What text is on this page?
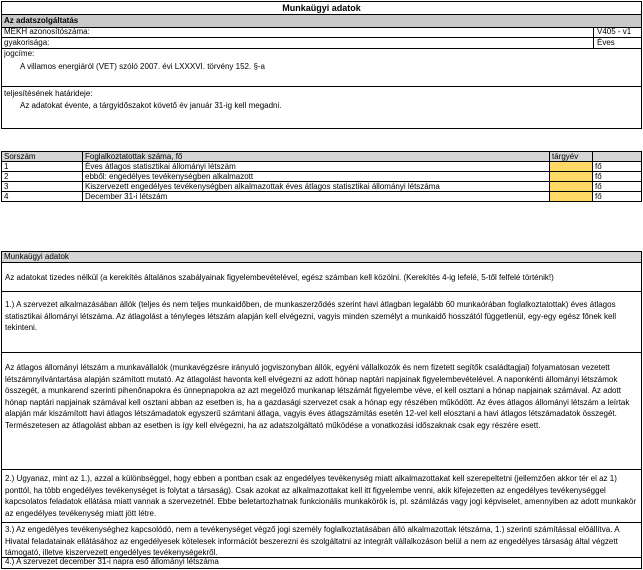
Munkaügyi adatok
Az adatszolgáltatás
MEKH azonosítószáma:	V405 - v1
gyakorisága:	Éves
jogcíme:
A villamos energiáról (VET) szóló 2007. évi LXXXVI. törvény 152. §-a
teljesítésének határideje:
Az adatokat évente, a tárgyidőszakot követő év január 31-ig kell megadni.
Sorszám	Foglalkoztatottak száma, fő	tárgyév
1	Éves átlagos statisztikai állományi létszám	fő
2	ebből: engedélyes tevékenységben alkalmazott	fő
3	Kiszervezett engedélyes tevékenységben alkalmazottak éves átlagos statisztikai állományi létszáma	fő
4	December 31-i létszám	fő
Munkaügyi adatok
Az adatokat tizedes nélkül (a kerekítés általános szabályainak figyelembevételével, egész számban kell közölni. (Kerekítés 4-ig lefelé, 5-től felfelé történik!)
1.) A szervezet alkalmazásában állók (teljes és nem teljes munkaidőben, de munkaszerződés szerint havi átlagban legalább 60 munkaórában foglalkoztatottak) éves átlagos statisztikai állományi létszáma. Az átlagolást a tényleges létszám alapján kell elvégezni, vagyis minden személyt a munkaidő hosszától függetlenül, egy-egy egész főnek kell tekinteni.
Az átlagos állományi létszám a munkavállalók (munkavégzésre irányuló jogviszonyban állók, egyéni vállalkozók és nem fizetett segítők családtagjai) folyamatosan vezetett létszámnyilvántartása alapján számított mutató. Az átlagolást havonta kell elvégezni az adott hónap naptári napjainak figyelembevételével. A naponkénti állományi létszámok összegét, a munkarend szerinti pihenőnapokra és ünnepnapokra az azt megelőző munkanap létszámát figyelembe véve, el kell osztani a hónap napjainak számával. Az adott hónap naptári napjainak számával kell osztani abban az esetben is, ha a gazdasági szervezet csak a hónap egy részében működött. Az éves átlagos állományi létszám a leírtak alapján már kiszámított havi átlagos létszámadatok egyszerű számtani átlaga, vagyis éves átlagszámítás esetén 12-vel kell elosztani a havi átlagos létszámadatok összegét. Természetesen az átlagolást abban az esetben is így kell elvégezni, ha az adatszolgáltató működése a vonatkozási időszaknak csak egy részére esett.
2.) Ugyanaz, mint az 1.), azzal a különbséggel, hogy ebben a pontban csak az engedélyes tevékenység miatt alkalmazottakat kell szerepeltetni (jellemzően akkor tér el az 1) ponttól, ha több engedélyes tevékenységet is folytat a társaság). Csak azokat az alkalmazottakat kell itt figyelembe venni, akik kifejezetten az engedélyes tevékenységgel kapcsolatos feladatok ellátása miatt vannak a szervezetnél. Ebbe beletartozhatnak funkcionális munkakörök is, pl. számlázás vagy jogi képviselet, amennyiben az adott munkakör az engedélyes tevékenység miatt jött létre.
3.) Az engedélyes tevékenységhez kapcsolódó, nem a tevékenységet végző jogi személy foglalkoztatásában álló alkalmazottak létszáma, 1.) szerinti számítással előállítva. A Hivatal feladatainak ellátásához az engedélyesek kötelesek információt beszerezni és szolgáltatni az integrált vállalkozáson belül a nem az engedélyes társaság által végzett támogató, illetve kiszervezett engedélyes tevékenységekről.
4.) A szervezet december 31-i napra eső állományi létszáma
